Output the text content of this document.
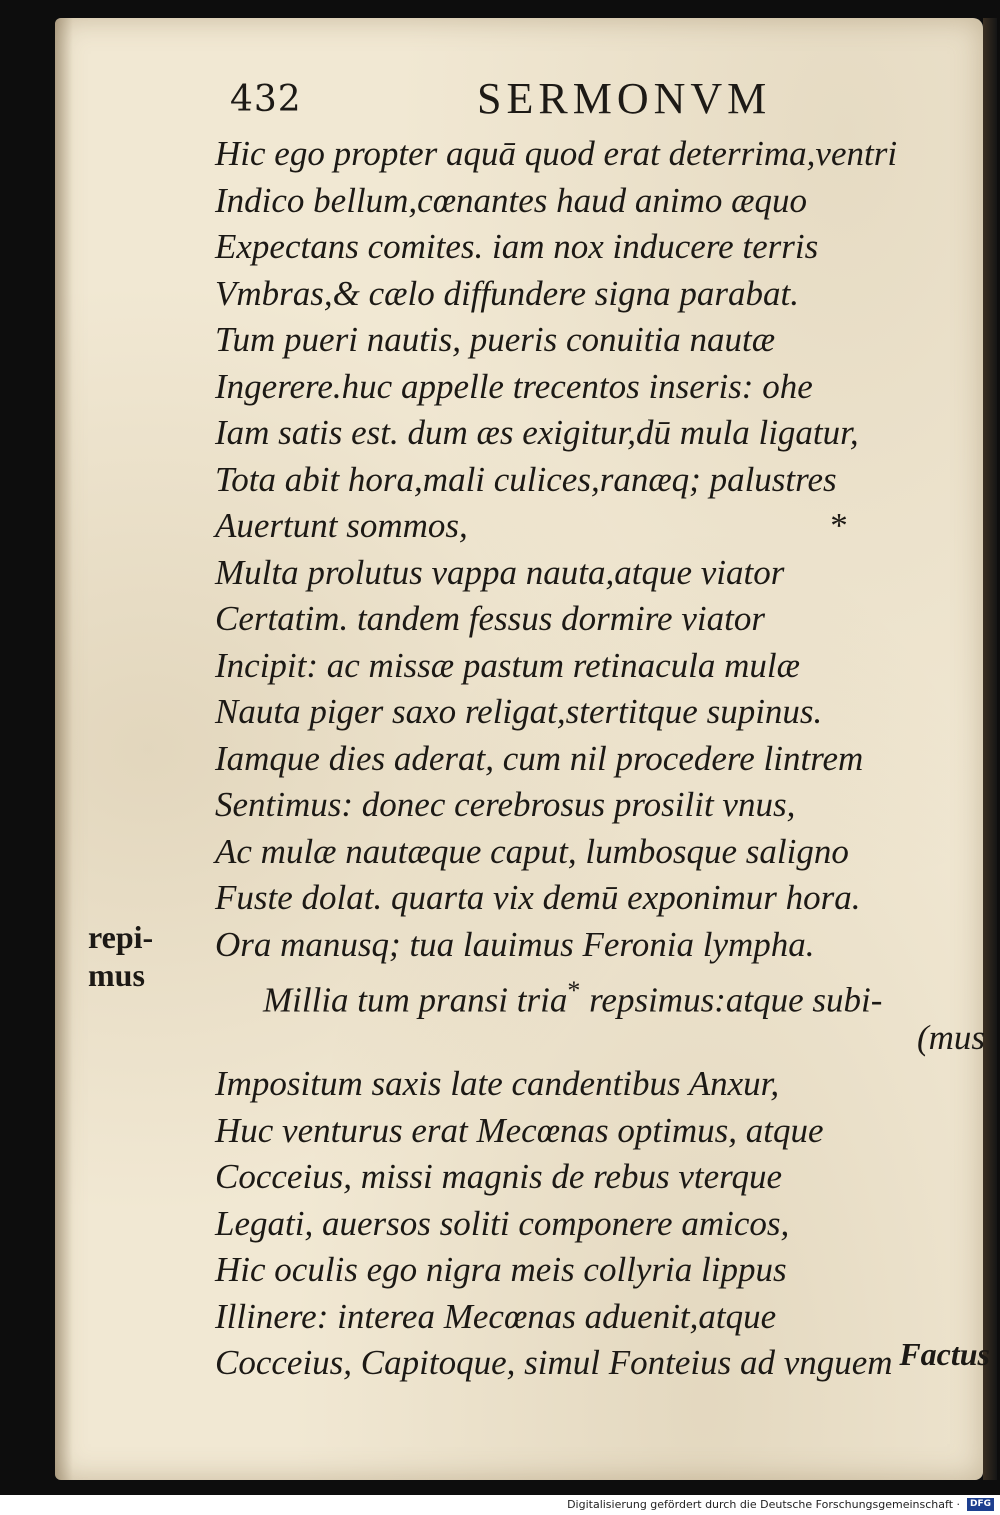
432	SERMONVM
Hic ego propter aquā quod erat deterrima,ventri
Indico bellum,cœnantes haud animo æquo
Expectans comites. iam nox inducere terris
Vmbras,& cælo diffundere signa parabat.
Tum pueri nautis, pueris conuitia nautæ
Ingerere.huc appelle trecentos inseris: ohe
Iam satis est. dum æs exigitur,dū mula ligatur,
Tota abit hora,mali culices,ranæq; palustres
Auertunt sommos,	*
Multa prolutus vappa nauta,atque viator
Certatim. tandem fessus dormire viator
Incipit: ac missæ pastum retinacula mulæ
Nauta piger saxo religat,stertitque supinus.
Iamque dies aderat, cum nil procedere lintrem
Sentimus: donec cerebrosus prosilit vnus,
Ac mulæ nautæque caput, lumbosque saligno
Fuste dolat. quarta vix demū exponimur hora.
Ora manusq; tua lauimus Feronia lympha.
Millia tum pransi tria* repsimus:atque subi-
(mus
Impositum saxis late candentibus Anxur,
Huc venturus erat Mecœnas optimus, atque
Cocceius, missi magnis de rebus vterque
Legati, auersos soliti componere amicos,
Hic oculis ego nigra meis collyria lippus
Illinere: interea Mecœnas aduenit,atque
Cocceius, Capitoque, simul Fonteius ad vnguem Factus
repi-
mus
Digitalisierung gefördert durch die Deutsche Forschungsgemeinschaft ·	DFG
